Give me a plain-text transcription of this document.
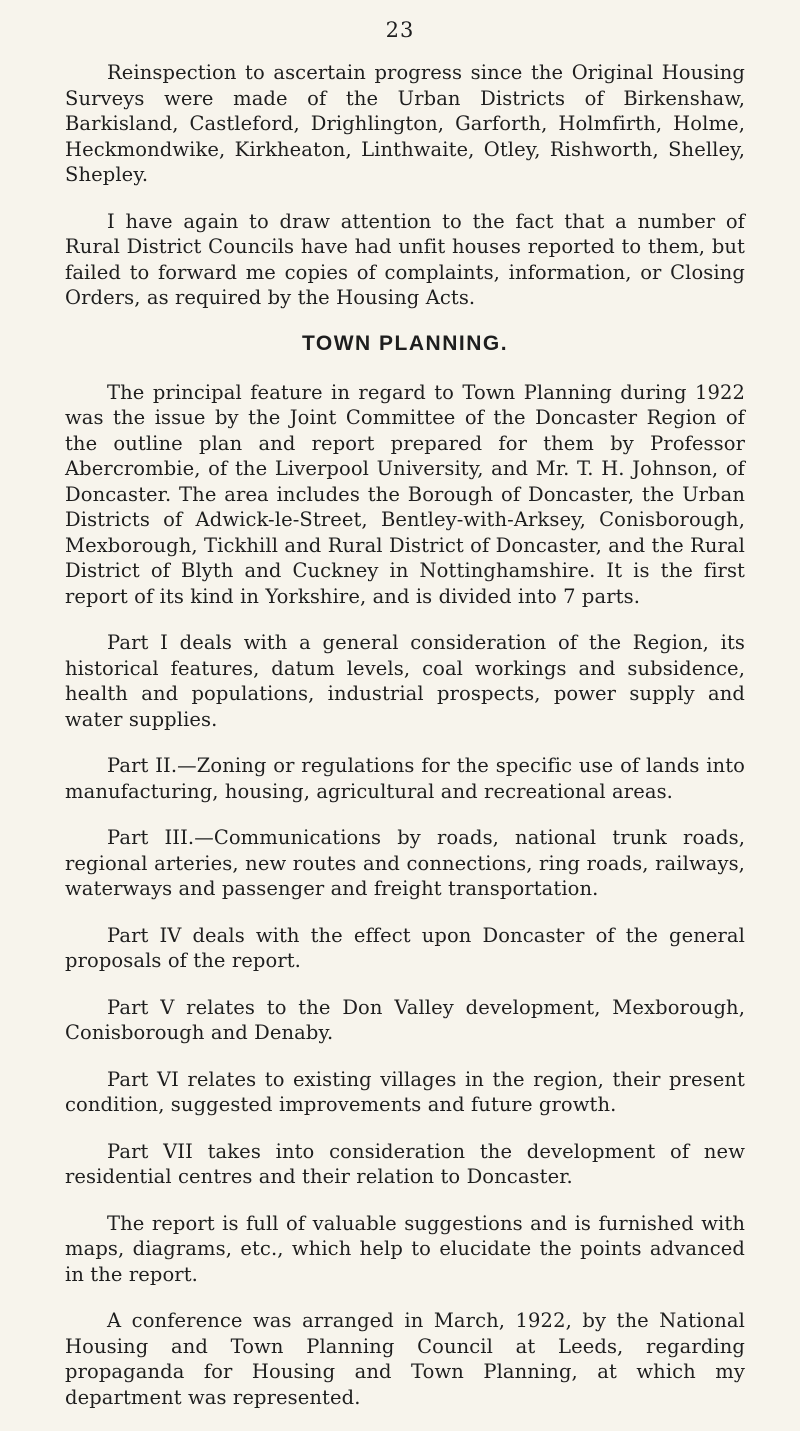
23

Reinspection to ascertain progress since the Original Housing Surveys were made of the Urban Districts of Birkenshaw, Barkisland, Castleford, Drighlington, Garforth, Holmfirth, Holme, Heckmondwike, Kirkheaton, Linthwaite, Otley, Rishworth, Shelley, Shepley.

I have again to draw attention to the fact that a number of Rural District Councils have had unfit houses reported to them, but failed to forward me copies of complaints, information, or Closing Orders, as required by the Housing Acts.

TOWN PLANNING.

The principal feature in regard to Town Planning during 1922 was the issue by the Joint Committee of the Doncaster Region of the outline plan and report prepared for them by Professor Abercrombie, of the Liverpool University, and Mr. T. H. Johnson, of Doncaster. The area includes the Borough of Doncaster, the Urban Districts of Adwick-le-Street, Bentley-with-Arksey, Conisborough, Mexborough, Tickhill and Rural District of Doncaster, and the Rural District of Blyth and Cuckney in Nottinghamshire. It is the first report of its kind in Yorkshire, and is divided into 7 parts.

Part I deals with a general consideration of the Region, its historical features, datum levels, coal workings and subsidence, health and populations, industrial prospects, power supply and water supplies.

Part II.—Zoning or regulations for the specific use of lands into manufacturing, housing, agricultural and recreational areas.

Part III.—Communications by roads, national trunk roads, regional arteries, new routes and connections, ring roads, railways, waterways and passenger and freight transportation.

Part IV deals with the effect upon Doncaster of the general proposals of the report.

Part V relates to the Don Valley development, Mexborough, Conisborough and Denaby.

Part VI relates to existing villages in the region, their present condition, suggested improvements and future growth.

Part VII takes into consideration the development of new residential centres and their relation to Doncaster.

The report is full of valuable suggestions and is furnished with maps, diagrams, etc., which help to elucidate the points advanced in the report.

A conference was arranged in March, 1922, by the National Housing and Town Planning Council at Leeds, regarding propaganda for Housing and Town Planning, at which my department was represented.
